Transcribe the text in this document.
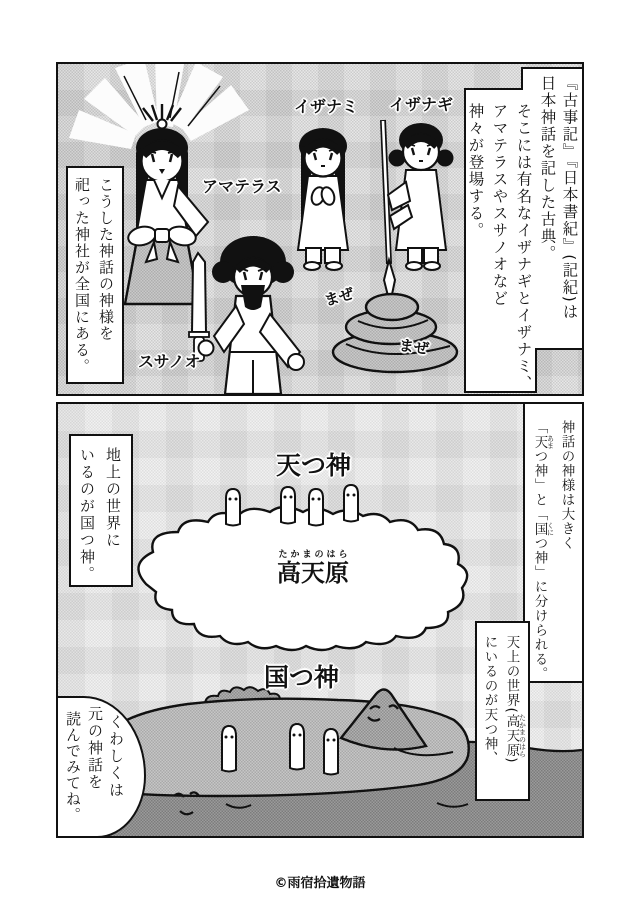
『古事記』『日本書紀』(記紀)は
日本神話を記した古典。
そこには有名なイザナギとイザナミ、
アマテラスやスサノオなど
神々が登場する。
こうした神話の神様を
祀った神社が全国にある。
イザナミ イザナギ
アマテラス
スサノオ
まぜ
まぜ
天つ神
国つ神
高天原 たかまのはら
神話の神様は大きく
「天 あまつ神」と「国 くにつ神」に分けられる。
天上の世界(高天原 たかまのはら)
にいるのが天つ神、
地上の世界に
いるのが国つ神。
くわしくは
元の神話を
読んでみてね。
©雨宿拾遺物語
